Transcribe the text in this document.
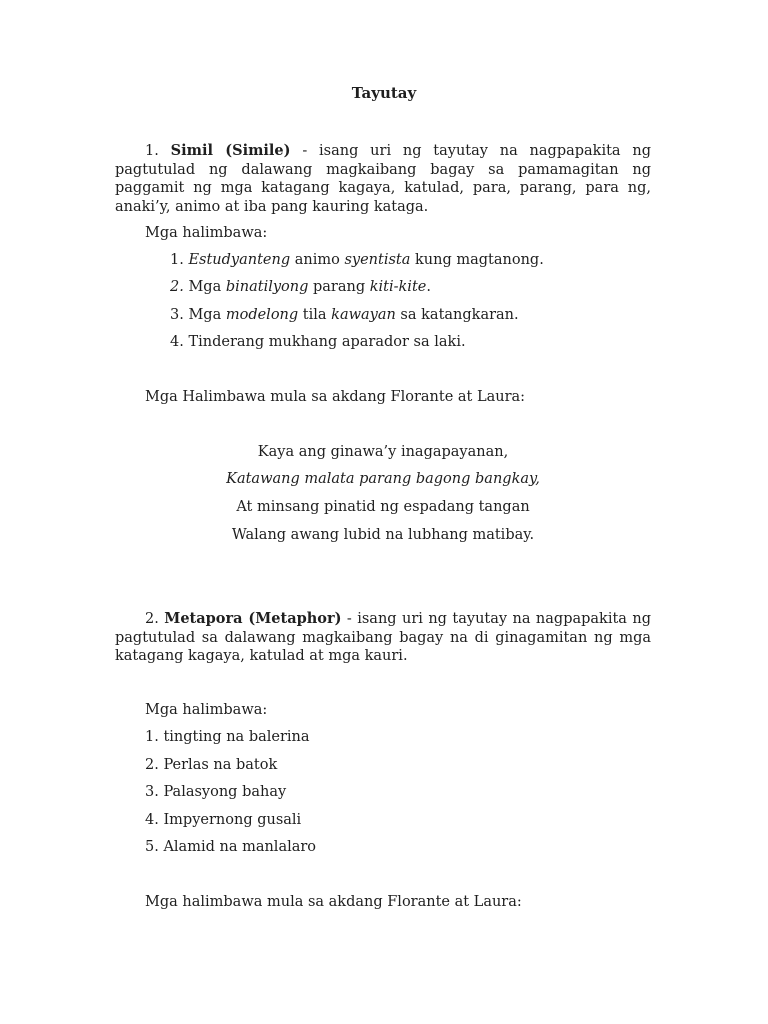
Tayutay

1. Simil (Simile) - isang uri ng tayutay na nagpapakita ng pagtutulad ng dalawang magkaibang bagay sa pamamagitan ng paggamit ng mga katagang kagaya, katulad, para, parang, para ng, anaki’y, animo at iba pang kauring kataga.

Mga halimbawa:

1. Estudyanteng animo syentista kung magtanong.

2. Mga binatilyong parang kiti-kite.

3. Mga modelong tila kawayan sa katangkaran.

4. Tinderang mukhang aparador sa laki.

Mga Halimbawa mula sa akdang Florante at Laura:

Kaya ang ginawa’y inagapayanan,

Katawang malata parang bagong bangkay,

At minsang pinatid ng espadang tangan

Walang awang lubid na lubhang matibay.

2. Metapora (Metaphor) - isang uri ng tayutay na nagpapakita ng pagtutulad sa dalawang magkaibang bagay na di ginagamitan ng mga katagang kagaya, katulad at mga kauri.

Mga halimbawa:

1. tingting na balerina

2. Perlas na batok

3. Palasyong bahay

4. Impyernong gusali

5. Alamid na manlalaro

Mga halimbawa mula sa akdang Florante at Laura:
